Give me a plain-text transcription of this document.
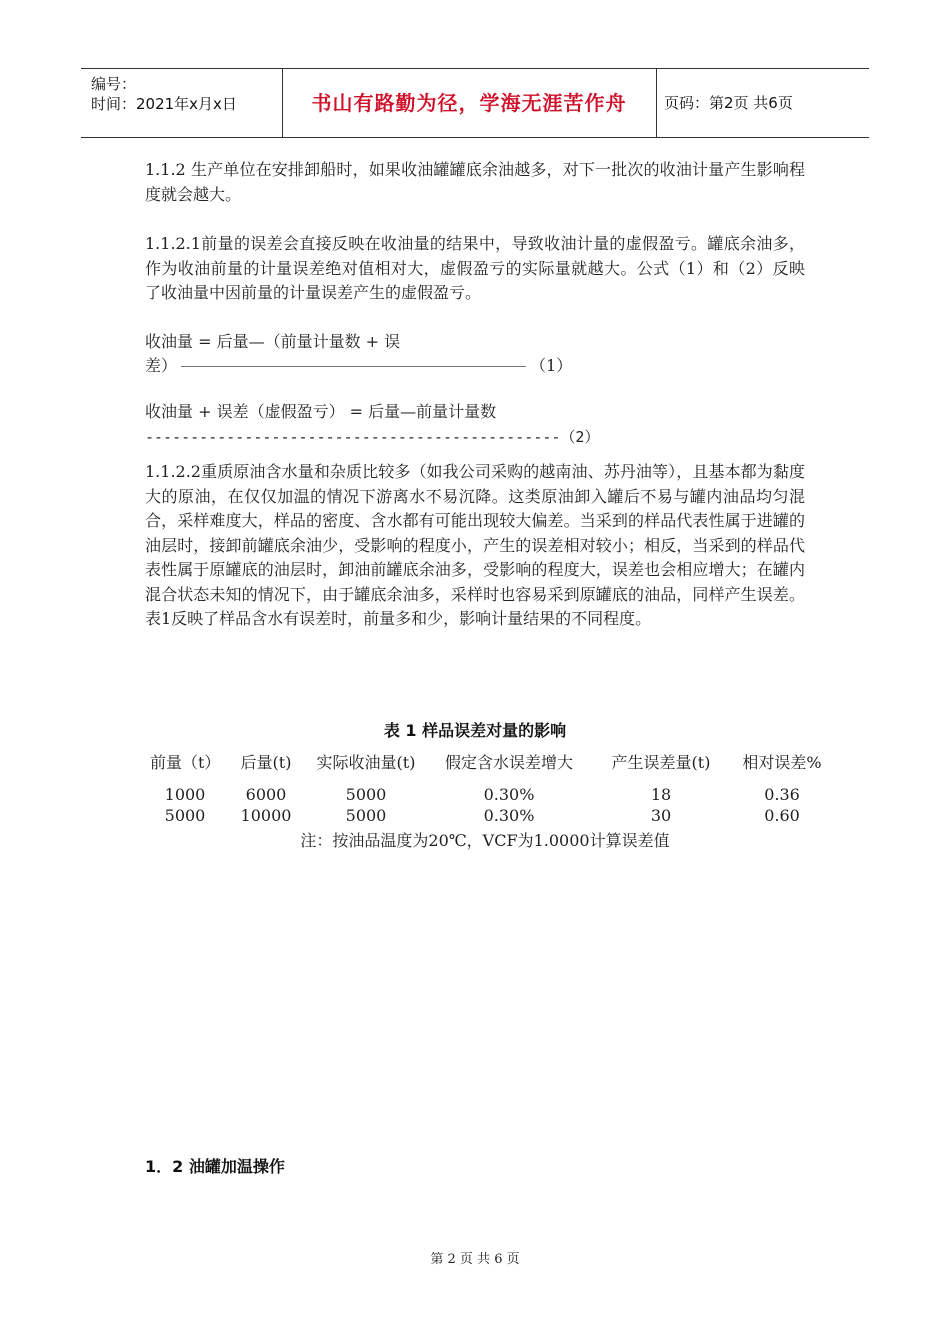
编号：
时间：2021年x月x日	书山有路勤为径，学海无涯苦作舟	页码：第2页 共6页
1.1.2 生产单位在安排卸船时，如果收油罐罐底余油越多，对下一批次的收油计量产生影响程度就会越大。
1.1.2.1前量的误差会直接反映在收油量的结果中，导致收油计量的虚假盈亏。罐底余油多，作为收油前量的计量误差绝对值相对大，虚假盈亏的实际量就越大。公式（1）和（2）反映了收油量中因前量的计量误差产生的虚假盈亏。
收油量 = 后量—（前量计量数 + 误
差）	（1）
收油量 + 误差（虚假盈亏） = 后量—前量计量数
----------------------------------------------（2）
1.1.2.2重质原油含水量和杂质比较多（如我公司采购的越南油、苏丹油等），且基本都为黏度大的原油，在仅仅加温的情况下游离水不易沉降。这类原油卸入罐后不易与罐内油品均匀混合，采样难度大，样品的密度、含水都有可能出现较大偏差。当采到的样品代表性属于进罐的油层时，接卸前罐底余油少，受影响的程度小，产生的误差相对较小；相反，当采到的样品代表性属于原罐底的油层时，卸油前罐底余油多，受影响的程度大，误差也会相应增大；在罐内混合状态未知的情况下，由于罐底余油多，采样时也容易采到原罐底的油品，同样产生误差。表1反映了样品含水有误差时，前量多和少，影响计量结果的不同程度。
表 1 样品误差对量的影响
前量（t）	后量(t)	实际收油量(t)	假定含水误差增大	产生误差量(t)	相对误差%
1000	6000	5000	0.30%	18	0.36
5000	10000	5000	0.30%	30	0.60
注：按油品温度为20℃，VCF为1.0000计算误差值
1．2 油罐加温操作
第 2 页 共 6 页
